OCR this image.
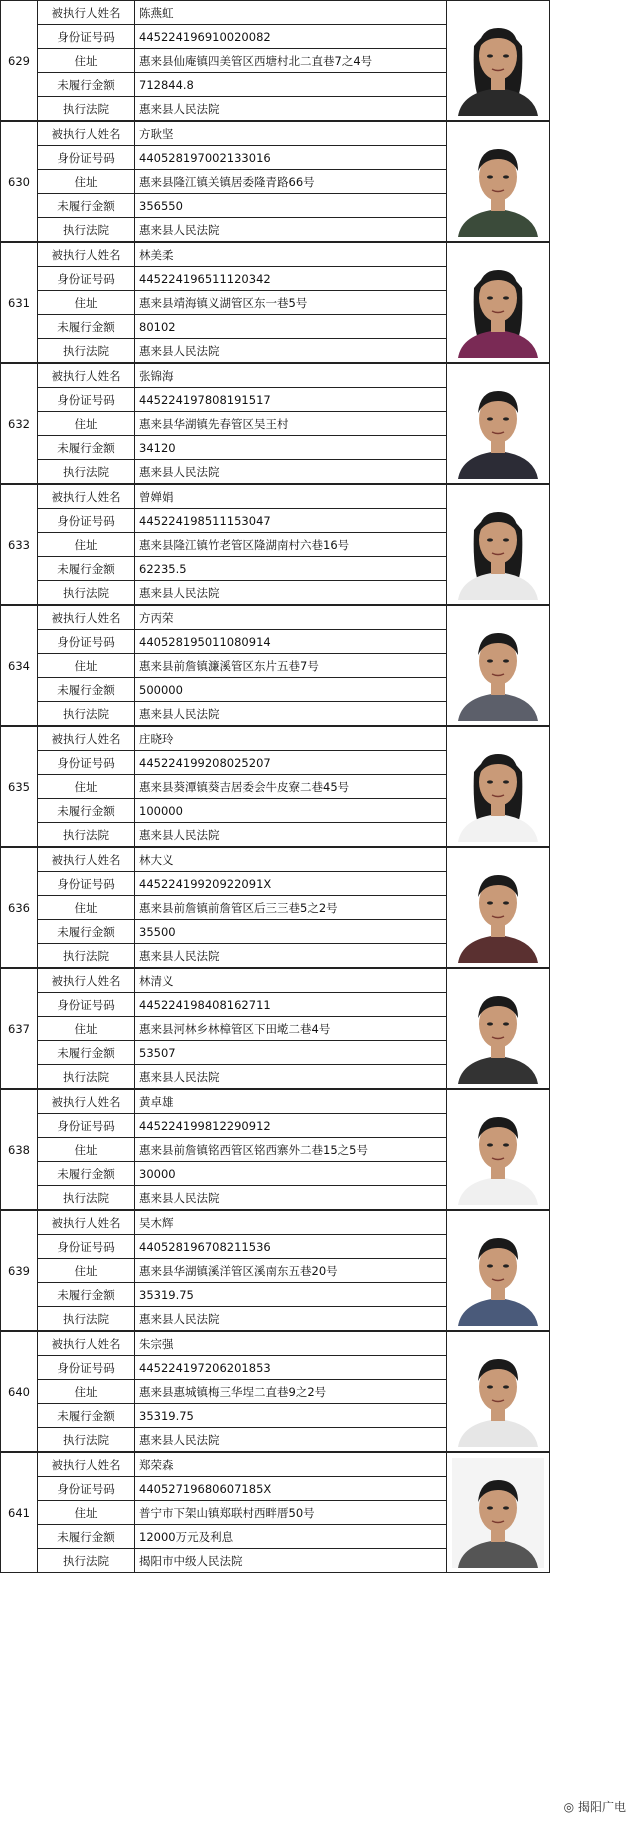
629	被执行人姓名	陈燕虹	

	身份证号码	445224196910020082	
	住址	惠来县仙庵镇四美管区西塘村北二直巷7之4号	
	未履行金额	712844.8	
	执行法院	惠来县人民法院	
630	被执行人姓名	方耿坚	

	身份证号码	440528197002133016	
	住址	惠来县隆江镇关镇居委隆青路66号	
	未履行金额	356550	
	执行法院	惠来县人民法院	
631	被执行人姓名	林美柔	

	身份证号码	445224196511120342	
	住址	惠来县靖海镇义湖管区东一巷5号	
	未履行金额	80102	
	执行法院	惠来县人民法院	
632	被执行人姓名	张锦海	

	身份证号码	445224197808191517	
	住址	惠来县华湖镇先春管区吴王村	
	未履行金额	34120	
	执行法院	惠来县人民法院	
633	被执行人姓名	曾婵娟	

	身份证号码	445224198511153047	
	住址	惠来县隆江镇竹老管区隆湖南村六巷16号	
	未履行金额	62235.5	
	执行法院	惠来县人民法院	
634	被执行人姓名	方丙荣	

	身份证号码	440528195011080914	
	住址	惠来县前詹镇濂溪管区东片五巷7号	
	未履行金额	500000	
	执行法院	惠来县人民法院	
635	被执行人姓名	庄晓玲	

	身份证号码	445224199208025207	
	住址	惠来县葵潭镇葵吉居委会牛皮寮二巷45号	
	未履行金额	100000	
	执行法院	惠来县人民法院	
636	被执行人姓名	林大义	

	身份证号码	44522419920922091X	
	住址	惠来县前詹镇前詹管区后三三巷5之2号	
	未履行金额	35500	
	执行法院	惠来县人民法院	
637	被执行人姓名	林清义	

	身份证号码	445224198408162711	
	住址	惠来县河林乡林樟管区下田墘二巷4号	
	未履行金额	53507	
	执行法院	惠来县人民法院	
638	被执行人姓名	黄卓雄	

	身份证号码	445224199812290912	
	住址	惠来县前詹镇铭西管区铭西寨外二巷15之5号	
	未履行金额	30000	
	执行法院	惠来县人民法院	
639	被执行人姓名	吴木辉	

	身份证号码	440528196708211536	
	住址	惠来县华湖镇溪洋管区溪南东五巷20号	
	未履行金额	35319.75	
	执行法院	惠来县人民法院	
640	被执行人姓名	朱宗强	

	身份证号码	445224197206201853	
	住址	惠来县惠城镇梅三华埕二直巷9之2号	
	未履行金额	35319.75	
	执行法院	惠来县人民法院	
641	被执行人姓名	郑荣森	

	身份证号码	44052719680607185X	
	住址	普宁市下架山镇郑联村西畔厝50号	
	未履行金额	12000万元及利息	
	执行法院	揭阳市中级人民法院	
◎ 揭阳广电
